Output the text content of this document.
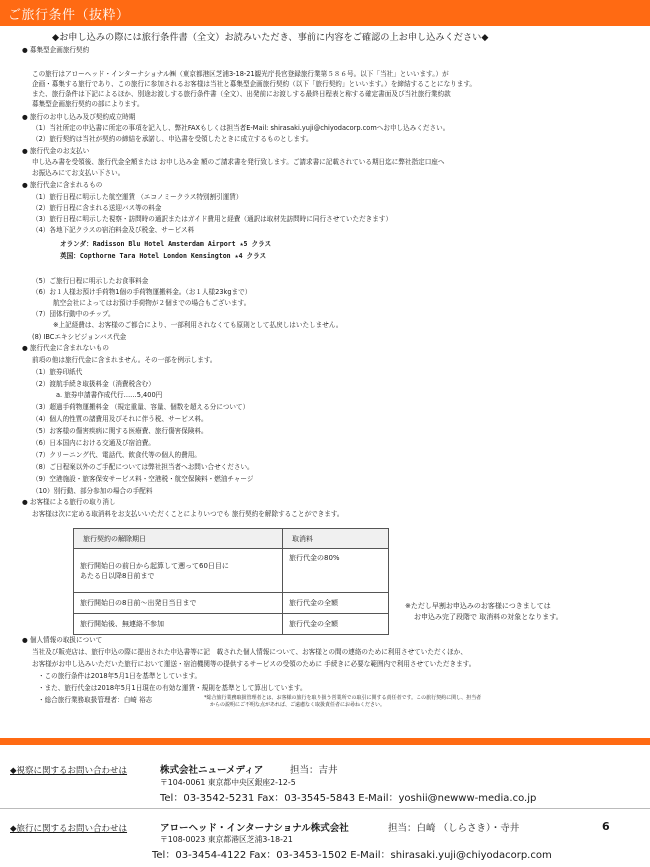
ご旅行条件（抜粋）
◆お申し込みの際には旅行条件書（全文）お読みいただき、事前に内容をご確認の上お申し込みください◆
● 募集型企画旅行契約
この旅行はアローヘッド・インターナショナル㈱（東京都港区芝浦3-18-21観光庁長官登録旅行業第５８６号。以下「当社」といいます。）が
企画・募集する旅行であり、この旅行に参加されるお客様は当社と募集型企画旅行契約（以下「旅行契約」といいます。）を締結することになります。
また、旅行条件は下記によるほか、別途お渡しする旅行条件書（全文）、出発前にお渡しする最終日程表と称する確定書面及び当社旅行業約款
募集型企画旅行契約の部によります。
● 旅行のお申し込み及び契約成立時期
（1）当社所定の申込書に所定の事項を記入し、弊社FAXもしくは担当者E-Mail: shirasaki.yuji@chiyodacorp.comへお申し込みください。
（2）旅行契約は当社が契約の締結を承諾し、申込書を受領したときに成立するものとします。
● 旅行代金のお支払い
申し込み書を受領後、旅行代金全額または お申し込み金 額のご請求書を発行致します。ご請求書に記載されている期日迄に弊社指定口座へ
お振込みにてお支払い下さい。
● 旅行代金に含まれるもの
（1）旅行日程に明示した航空運賃 （エコノミークラス特別割引運賃）
（2）旅行日程に含まれる送迎バス等の料金
（3）旅行日程に明示した視察・訪問時の通訳またはガイド費用と経費（通訳は取材先訪問時に同行させていただきます）
（4）各地下記クラスの宿泊料金及び税金、サービス料
オランダ：Radisson Blu Hotel Amsterdam Airport ★5 クラス
英国：Copthorne Tara Hotel London Kensington ★4 クラス
（5）ご旅行日程に明示したお食事料金
（6）お１人様お預け手荷物1個の手荷物運搬料金。（お１人様23kgまで）
航空会社によってはお預け手荷物が２個までの場合もございます。
（7）団体行動中のチップ。
※上記経費は、お客様のご都合により、一部利用されなくても原則として払戻しはいたしません。
(8) IBCエキシビジョンバス代金
● 旅行代金に含まれないもの
前項の他は旅行代金に含まれません。その一部を例示します。
（1）旅券印紙代
（2）渡航手続き取扱料金（消費税含む）
a. 旅券申請書作成代行……5,400円
（3）超過手荷物運搬料金 （規定重量、容量、個数を超える分について）
（4）個人的性質の諸費用及びそれに伴う税、サービス料。
（5）お客様の傷害疾病に関する医療費、旅行傷害保険料。
（6）日本国内における交通及び宿泊費。
（7）クリーニング代、電話代、飲食代等の個人的費用。
（8）ご日程案以外のご手配については弊社担当者へお問い合せください。
（9）空港施設・旅客保安サービス料・空港税・航空保険料・燃油チャージ
（10）別行動、部分参加の場合の手配料
● お客様による旅行の取り消し
お客様は次に定める取消料をお支払いいただくことによりいつでも 旅行契約を解除することができます。
旅行契約の解除期日	取消料

旅行開始日の前日から起算して遡って60日目に
あたる日以降8日前まで	旅行代金の80%
旅行開始日の8日前〜出発日当日まで	旅行代金の全額
旅行開始後、無連絡不参加	旅行代金の全額
※ただし早割お申込みのお客様につきましては
お申込み完了段階で 取消料の対象となります。
● 個人情報の取扱について
当社及び販売店は、旅行申込の際に提出された申込書等に記　載された個人情報について、お客様との間の連絡のために利用させていただくほか、
お客様がお申し込みいただいた旅行において運送・宿泊機関等の提供するサービスの受領のために 手続きに必要な範囲内で利用させていただきます。
・この旅行条件は2018年5月1日を基準としています。
・また、旅行代金は2018年5月1日現在の有効な運賃・規則を基準として算出しています。
・総合旅行業務取扱管理者：白崎 裕志	*総合旅行業務取扱管理者とは、お客様の旅行を取り扱う営業所での取引に関する責任者です。この旅行契約に関し、担当者
からの説明にご不明な点があれば、ご遠慮なく取扱責任者にお尋ねください。
◆視察に関するお問い合わせは	株式会社ニューメディア	担当：吉井
〒104-0061 東京都中央区銀座2-12-5
Tel：03-3542-5231 Fax：03-3545-5843 E-Mail：yoshii@newww-media.co.jp
◆旅行に関するお問い合わせは	アローヘッド・インターナショナル株式会社	担当：白崎 （しらさき）・寺井
〒108-0023 東京都港区芝浦3-18-21
Tel：03-3454-4122 Fax：03-3453-1502 E-Mail：shirasaki.yuji@chiyodacorp.com
6
